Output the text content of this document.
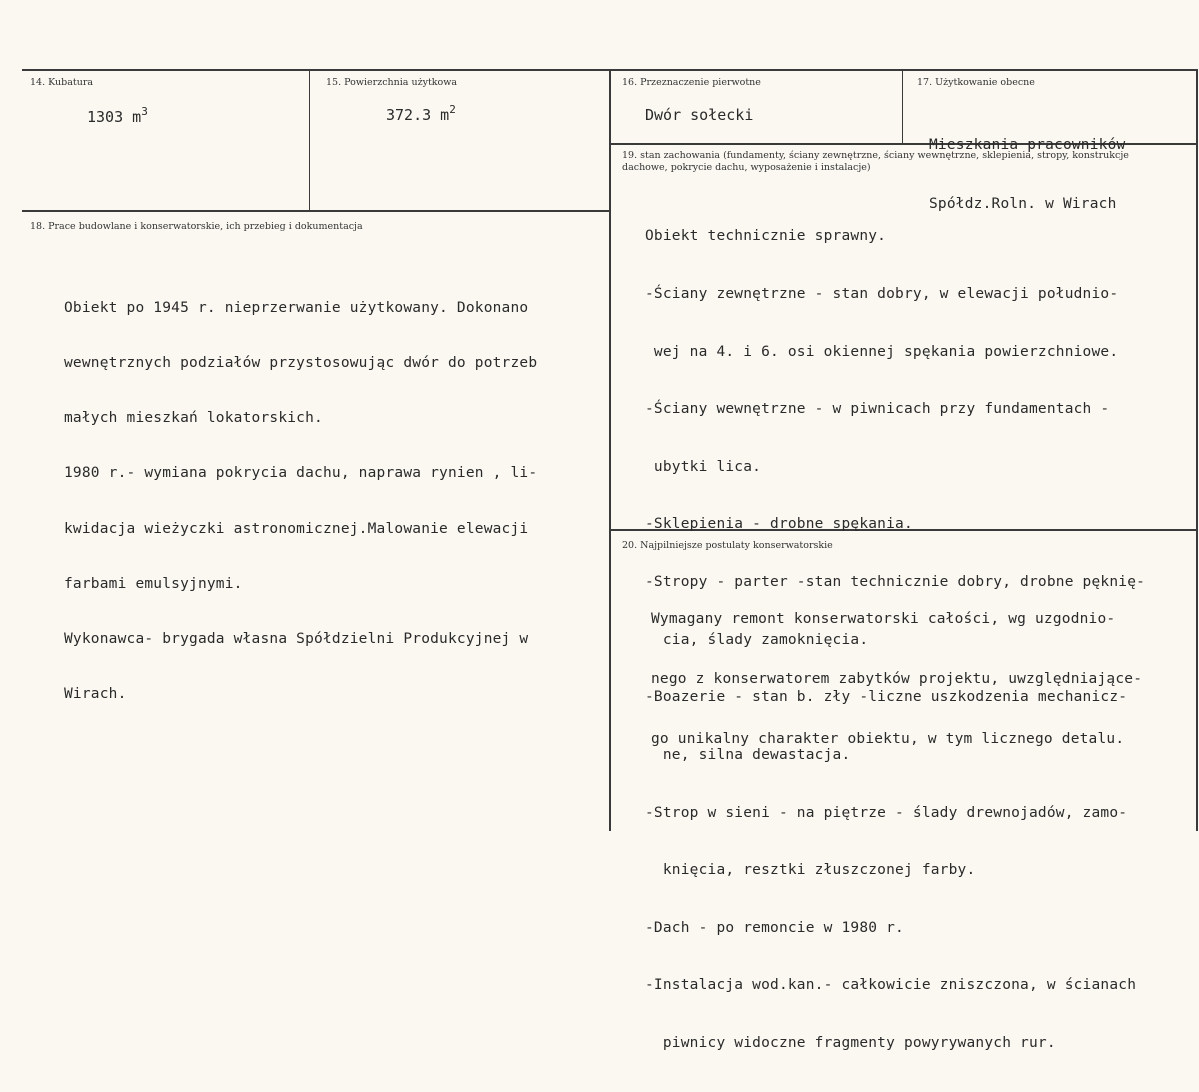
14. Kubatura
1303 $m^3$
15. Powierzchnia użytkowa
372.3 $m^2$
16. Przeznaczenie pierwotne
Dwór sołecki
17. Użytkowanie obecne

Mieszkania pracowników

Spółdz.Roln. w Wirach

18. Prace budowlane i konserwatorskie, ich przebieg i dokumentacja

Obiekt po 1945 r. nieprzerwanie użytkowany. Dokonano

wewnętrznych podziałów przystosowując dwór do potrzeb

małych mieszkań lokatorskich.

1980 r.- wymiana pokrycia dachu, naprawa rynien , li-

kwidacja wieżyczki astronomicznej.Malowanie elewacji

farbami emulsyjnymi.

Wykonawca- brygada własna Spółdzielni Produkcyjnej w

Wirach.

19. stan zachowania (fundamenty, ściany zewnętrzne, ściany wewnętrzne, sklepienia, stropy, konstrukcje dachowe, pokrycie dachu, wyposażenie i instalacje)

Obiekt technicznie sprawny.

-Ściany zewnętrzne - stan dobry, w elewacji południo-

wej na 4. i 6. osi okiennej spękania powierzchniowe.

-Ściany wewnętrzne - w piwnicach przy fundamentach -

ubytki lica.

-Sklepienia - drobne spękania.

-Stropy - parter -stan technicznie dobry, drobne pęknię-

cia, ślady zamoknięcia.

-Boazerie - stan b. zły -liczne uszkodzenia mechanicz-

ne, silna dewastacja.

-Strop w sieni - na piętrze - ślady drewnojadów, zamo-

knięcia, resztki złuszczonej farby.

-Dach - po remoncie w 1980 r.

-Instalacja wod.kan.- całkowicie zniszczona, w ścianach

piwnicy widoczne fragmenty powyrywanych rur.

20. Najpilniejsze postulaty konserwatorskie

Wymagany remont konserwatorski całości, wg uzgodnio-

nego z konserwatorem zabytków projektu, uwzględniające-

go unikalny charakter obiektu, w tym licznego detalu.
